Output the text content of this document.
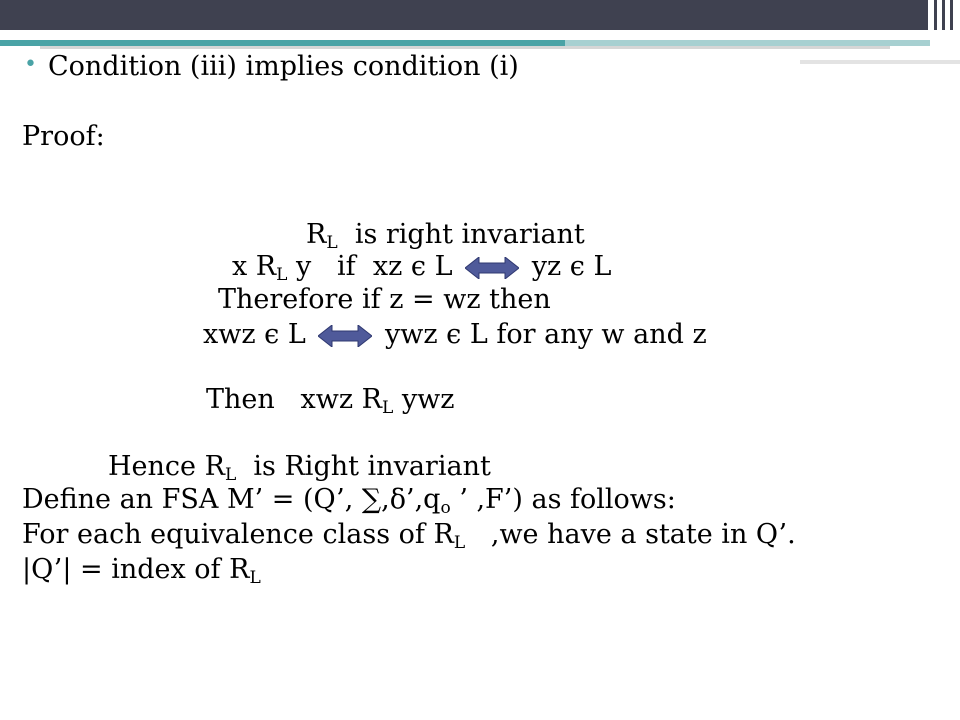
• Condition (iii) implies condition (i)
Proof:
$R_L$ is right invariant
x $R_L$ y if xz є L	yz є L
Therefore if z = wz then
xwz є L	ywz є L for any w and z
Then xwz $R_L$ ywz
Hence $R_L$ is Right invariant
Define an FSA M’ = (Q’, $\sum,\delta’,q_o$ ’ ,F’) as follows:
For each equivalence class of $R_L$ ,we have a state in Q’.
|Q’| = index of $R_L$
